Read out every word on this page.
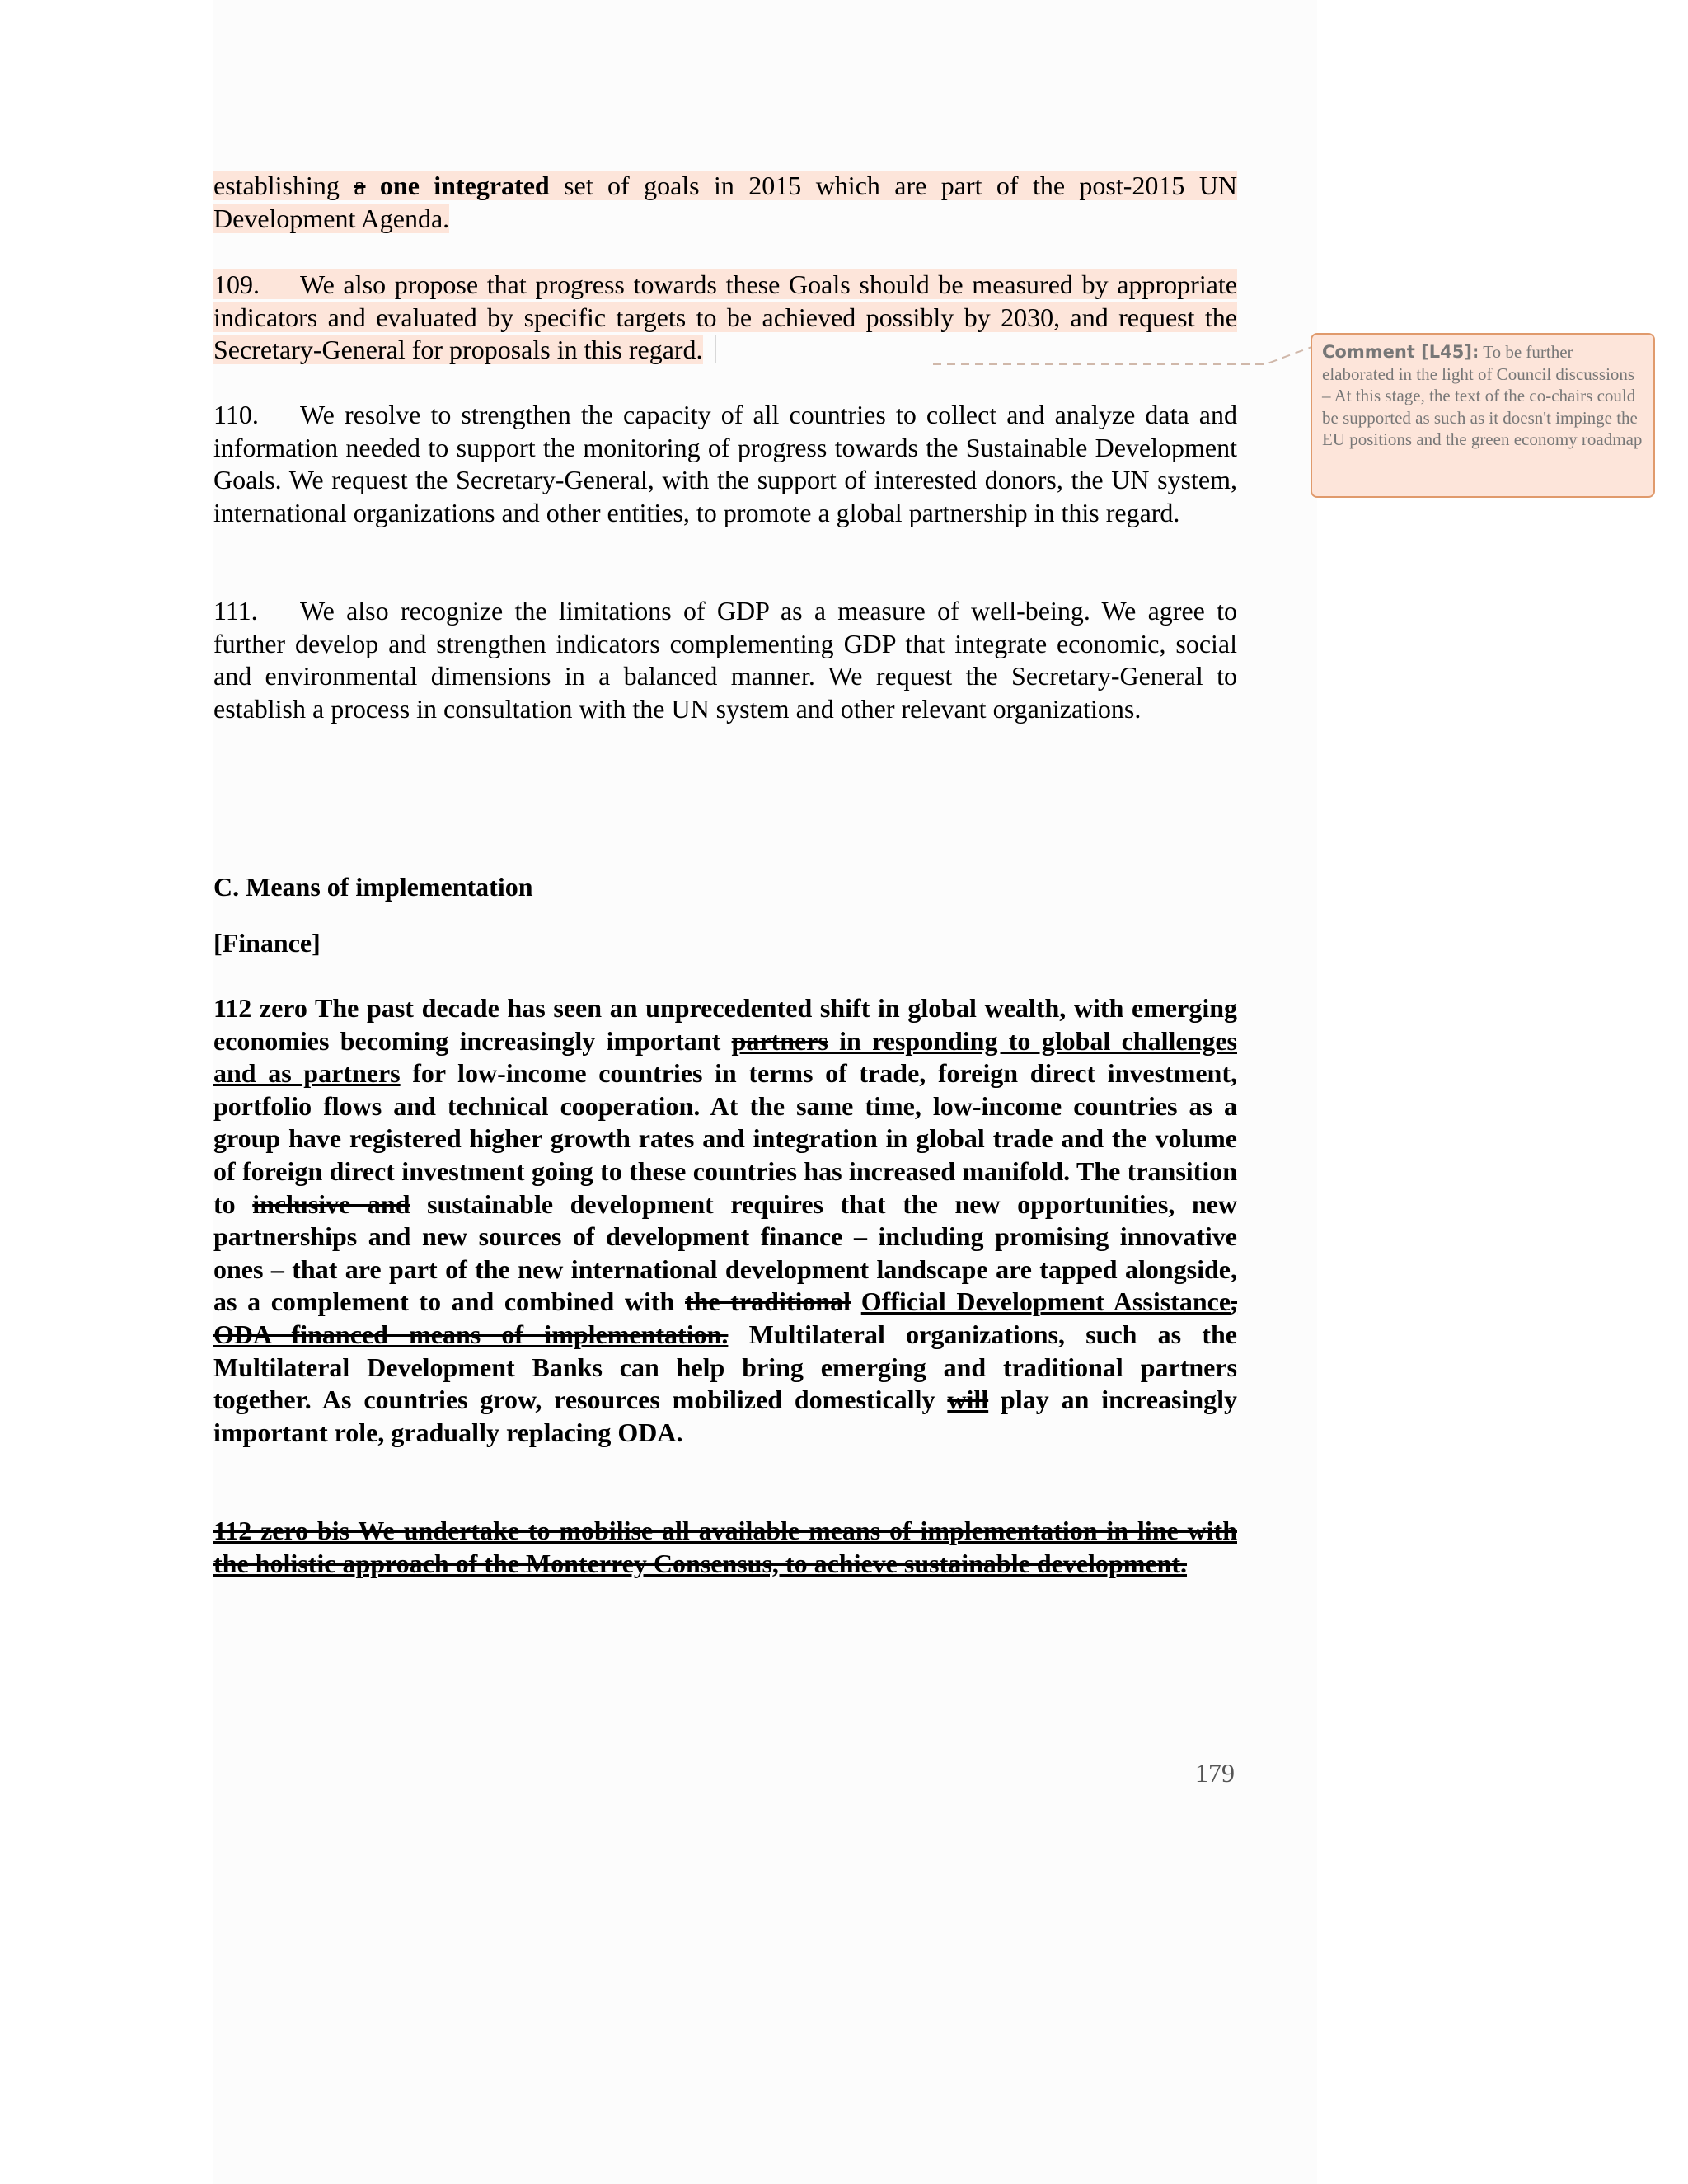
establishing a one integrated set of goals in 2015 which are part of the post-2015 UN Development Agenda.
109. We also propose that progress towards these Goals should be measured by appropriate indicators and evaluated by specific targets to be achieved possibly by 2030, and request the Secretary-General for proposals in this regard.	Comment [L45]: To be further elaborated in the light of Council discussions – At this stage, the text of the co-chairs could be supported as such as it doesn't impinge the EU positions and the green economy roadmap
110. We resolve to strengthen the capacity of all countries to collect and analyze data and information needed to support the monitoring of progress towards the Sustainable Development Goals. We request the Secretary-General, with the support of interested donors, the UN system, international organizations and other entities, to promote a global partnership in this regard.
111. We also recognize the limitations of GDP as a measure of well-being. We agree to further develop and strengthen indicators complementing GDP that integrate economic, social and environmental dimensions in a balanced manner. We request the Secretary-General to establish a process in consultation with the UN system and other relevant organizations.
C. Means of implementation
[Finance]
112 zero The past decade has seen an unprecedented shift in global wealth, with emerging economies becoming increasingly important partners in responding to global challenges and as partners for low-income countries in terms of trade, foreign direct investment, portfolio flows and technical cooperation. At the same time, low-income countries as a group have registered higher growth rates and integration in global trade and the volume of foreign direct investment going to these countries has increased manifold. The transition to inclusive and sustainable development requires that the new opportunities, new partnerships and new sources of development finance – including promising innovative ones – that are part of the new international development landscape are tapped alongside, as a complement to and combined with the traditional Official Development Assistance, ODA financed means of implementation. Multilateral organizations, such as the Multilateral Development Banks can help bring emerging and traditional partners together. As countries grow, resources mobilized domestically will play an increasingly important role, gradually replacing ODA.
112 zero bis We undertake to mobilise all available means of implementation in line with the holistic approach of the Monterrey Consensus, to achieve sustainable development.
179
